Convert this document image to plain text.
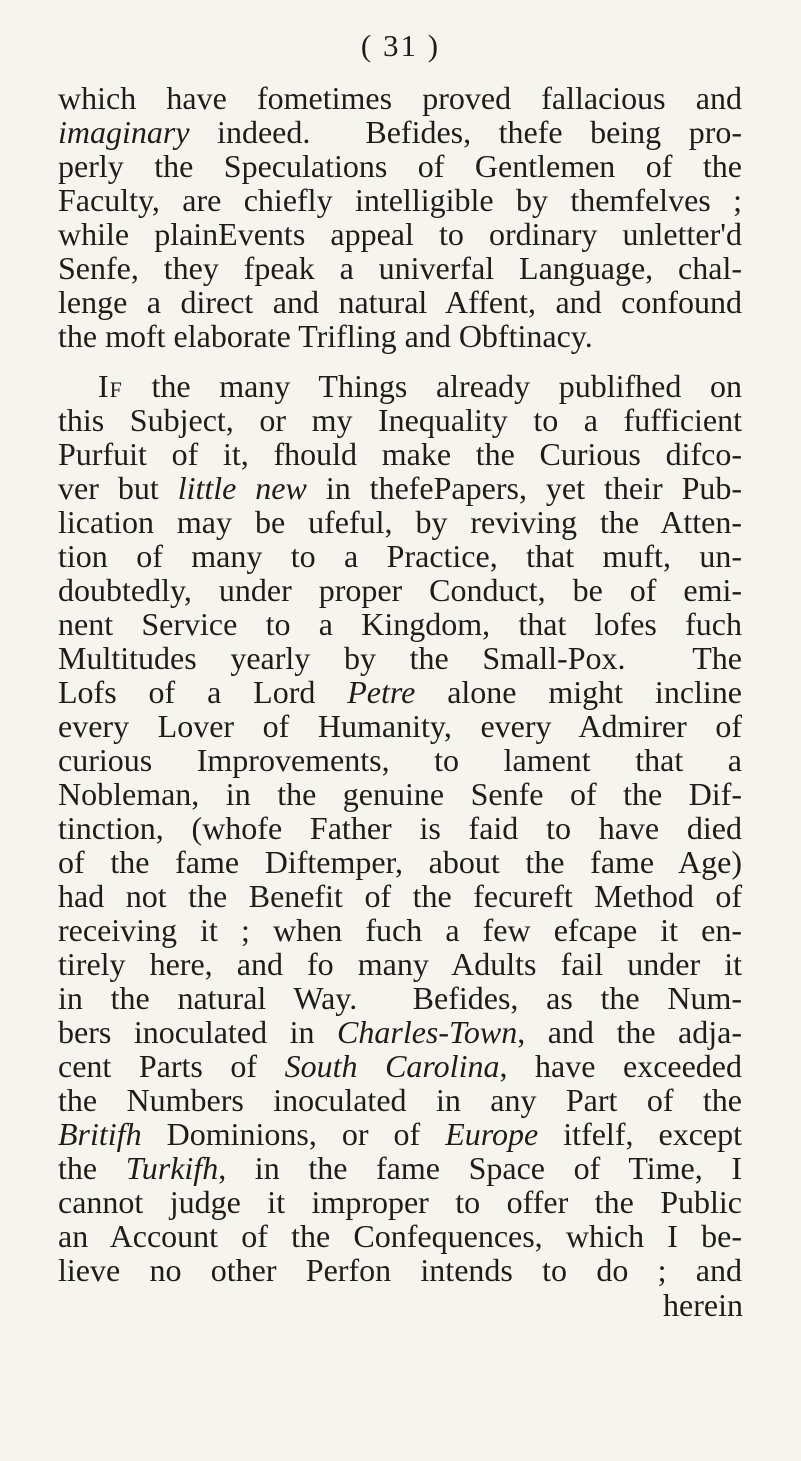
( 31 )
which have fometimes proved fallacious and
imaginary indeed.  Befides, thefe being pro-
perly the Speculations of Gentlemen of the
Faculty, are chiefly intelligible by themfelves ;
while plainEvents appeal to ordinary unletter'd
Senfe, they fpeak a univerfal Language, chal-
lenge a direct and natural Affent, and confound
the moft elaborate Trifling and Obftinacy.
If the many Things already publifhed on
this Subject, or my Inequality to a fufficient
Purfuit of it, fhould make the Curious difco-
ver but little new in thefePapers, yet their Pub-
lication may be ufeful, by reviving the Atten-
tion of many to a Practice, that muft, un-
doubtedly, under proper Conduct, be of emi-
nent Service to a Kingdom, that lofes fuch
Multitudes yearly by the Small-Pox.  The
Lofs of a Lord Petre alone might incline
every Lover of Humanity, every Admirer of
curious Improvements, to lament that a
Nobleman, in the genuine Senfe of the Dif-
tinction, (whofe Father is faid to have died
of the fame Diftemper, about the fame Age)
had not the Benefit of the fecureft Method of
receiving it ; when fuch a few efcape it en-
tirely here, and fo many Adults fail under it
in the natural Way.  Befides, as the Num-
bers inoculated in Charles-Town, and the adja-
cent Parts of South Carolina, have exceeded
the Numbers inoculated in any Part of the
Britifh Dominions, or of Europe itfelf, except
the Turkifh, in the fame Space of Time, I
cannot judge it improper to offer the Public
an Account of the Confequences, which I be-
lieve no other Perfon intends to do ; and
herein
